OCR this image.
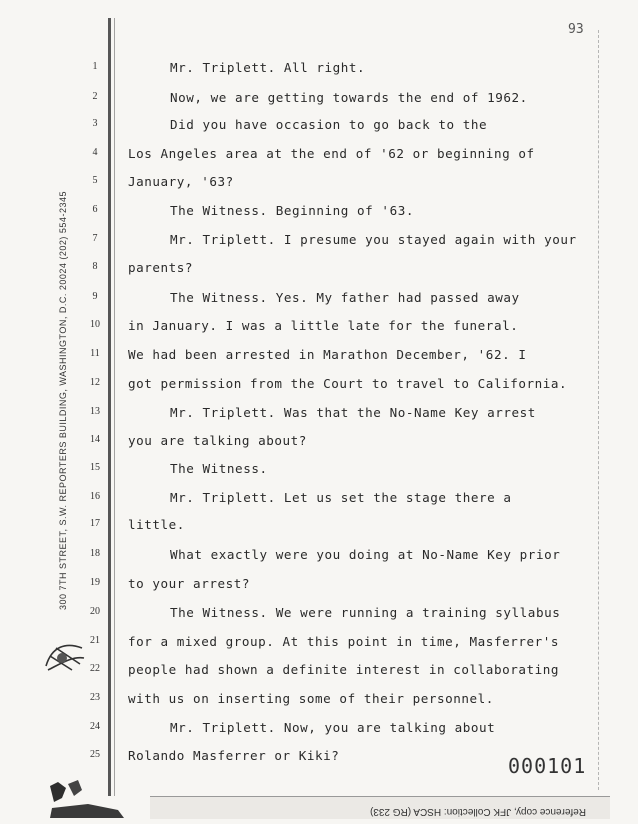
93
300 7TH STREET, S.W. REPORTERS BUILDING, WASHINGTON, D.C. 20024 (202) 554-2345
1
2
3
4
5
6
7
8
9
10
11
12
13
14
15
16
17
18
19
20
21
22
23
24
25
Mr. Triplett. All right.
Now, we are getting towards the end of 1962.
Did you have occasion to go back to the
Los Angeles area at the end of '62 or beginning of
January, '63?
The Witness. Beginning of '63.
Mr. Triplett. I presume you stayed again with your
parents?
The Witness. Yes. My father had passed away
in January. I was a little late for the funeral.
We had been arrested in Marathon December, '62. I
got permission from the Court to travel to California.
Mr. Triplett. Was that the No-Name Key arrest
you are talking about?
The Witness.
Mr. Triplett. Let us set the stage there a
little.
What exactly were you doing at No-Name Key prior
to your arrest?
The Witness. We were running a training syllabus
for a mixed group. At this point in time, Masferrer's
people had shown a definite interest in collaborating
with us on inserting some of their personnel.
Mr. Triplett. Now, you are talking about
Rolando Masferrer or Kiki?	000101
Reference copy, JFK Collection: HSCA (RG 233)
